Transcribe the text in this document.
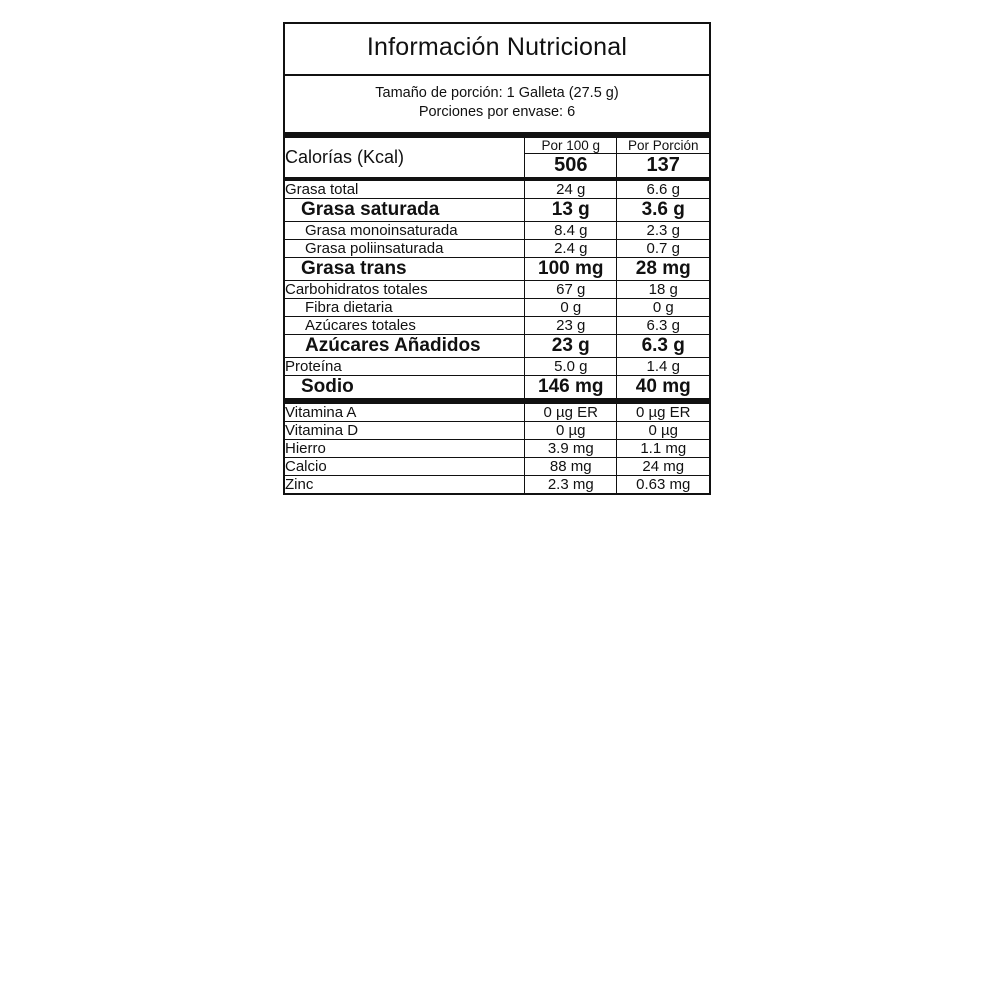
Información Nutricional
Tamaño de porción: 1 Galleta (27.5 g)
Porciones por envase: 6
Calorías (Kcal)	Por 100 g	Por Porción
	506	137
Grasa total	24 g	6.6 g
Grasa saturada	13 g	3.6 g
Grasa monoinsaturada	8.4 g	2.3 g
Grasa poliinsaturada	2.4 g	0.7 g
Grasa trans	100 mg	28 mg
Carbohidratos totales	67 g	18 g
Fibra dietaria	0 g	0 g
Azúcares totales	23 g	6.3 g
Azúcares Añadidos	23 g	6.3 g
Proteína	5.0 g	1.4 g
Sodio	146 mg	40 mg
Vitamina A	0 µg ER	0 µg ER
Vitamina D	0 µg	0 µg
Hierro	3.9 mg	1.1 mg
Calcio	88 mg	24 mg
Zinc	2.3 mg	0.63 mg
